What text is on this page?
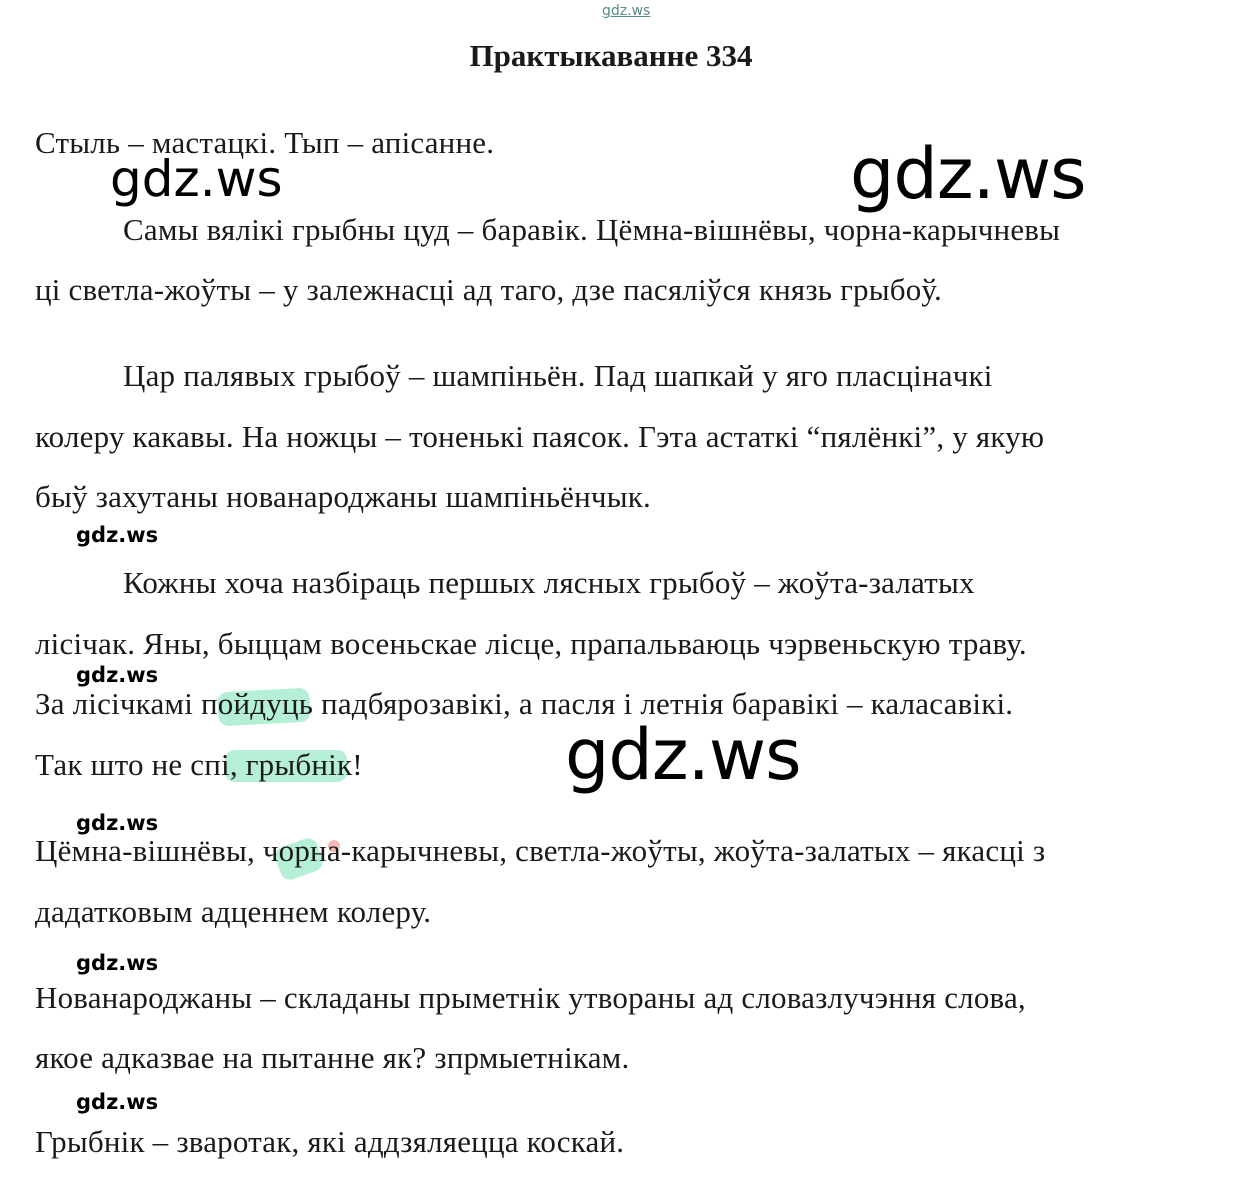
gdz.ws
Практыкаванне 334
Стыль – мастацкі. Тып – апісанне.
gdz.ws	gdz.ws
Самы вялікі грыбны цуд – баравік. Цёмна-вішнёвы, чорна-карычневы
ці светла-жоўты – у залежнасці ад таго, дзе пасяліўся князь грыбоў.
Цар палявых грыбоў – шампіньён. Пад шапкай у яго пласцінaчкі
колеру какавы. На ножцы – тоненькі паясок. Гэта астаткі “пялёнкі”, у якую
быў захутаны нованароджаны шампіньёнчык.
gdz.ws
Кожны хоча назбіраць першых лясных грыбоў – жоўта-залатых
лісічак. Яны, быццам восеньскае лісце, прапальваюць чэрвеньскую траву.
gdz.ws
За лісічкамі пойдуць падбярозавікі, а пасля і летнія баравікі – каласавікі.
Так што не спі, грыбнік!	gdz.ws
gdz.ws
Цёмна-вішнёвы, чорна-карычневы, светла-жоўты, жоўта-залатых – якасці з
дадатковым адценнем колеру.
gdz.ws
Нованароджаны – складаны прыметнік утвораны ад словазлучэння слова,
якое адказвае на пытанне як? зпрмыетнікам.
gdz.ws
Грыбнік – зваротак, які аддзяляецца коскай.
